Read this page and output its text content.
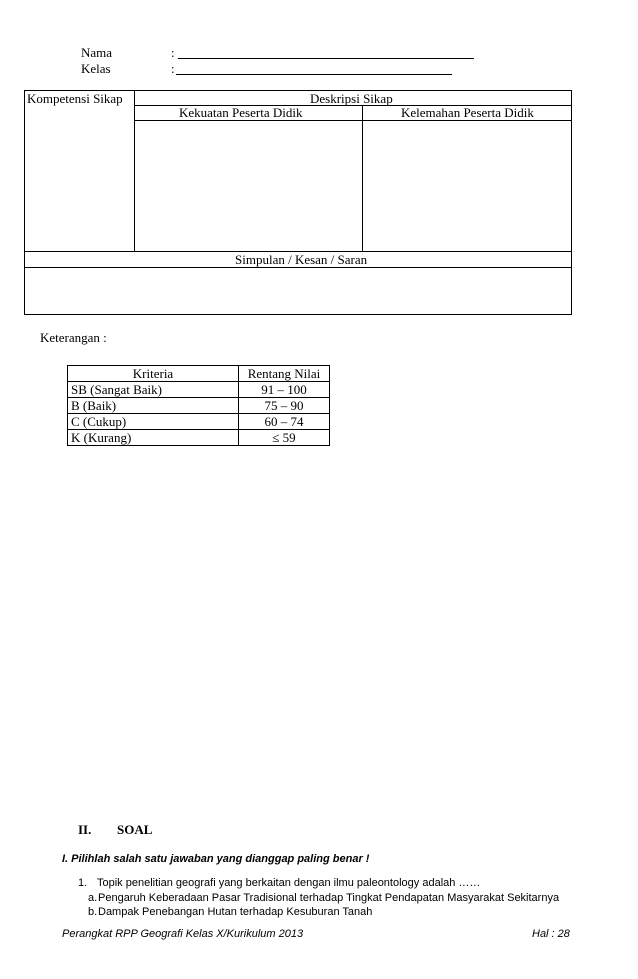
Nama	:
Kelas	:
Kompetensi Sikap	Deskripsi Sikap
Kekuatan Peserta Didik	Kelemahan Peserta Didik
Simpulan / Kesan / Saran
Keterangan :
Kriteria	Rentang Nilai
SB (Sangat Baik)	91 – 100
B (Baik)	75 – 90
C (Cukup)	60 – 74
K (Kurang)	≤ 59
II. SOAL
I. Pilihlah salah satu jawaban yang dianggap paling benar !
1. Topik penelitian geografi yang berkaitan dengan ilmu paleontology adalah ……
a. Pengaruh Keberadaan Pasar Tradisional terhadap Tingkat Pendapatan Masyarakat Sekitarnya
b. Dampak Penebangan Hutan terhadap Kesuburan Tanah
Perangkat RPP Geografi Kelas X/Kurikulum 2013	Hal : 28
